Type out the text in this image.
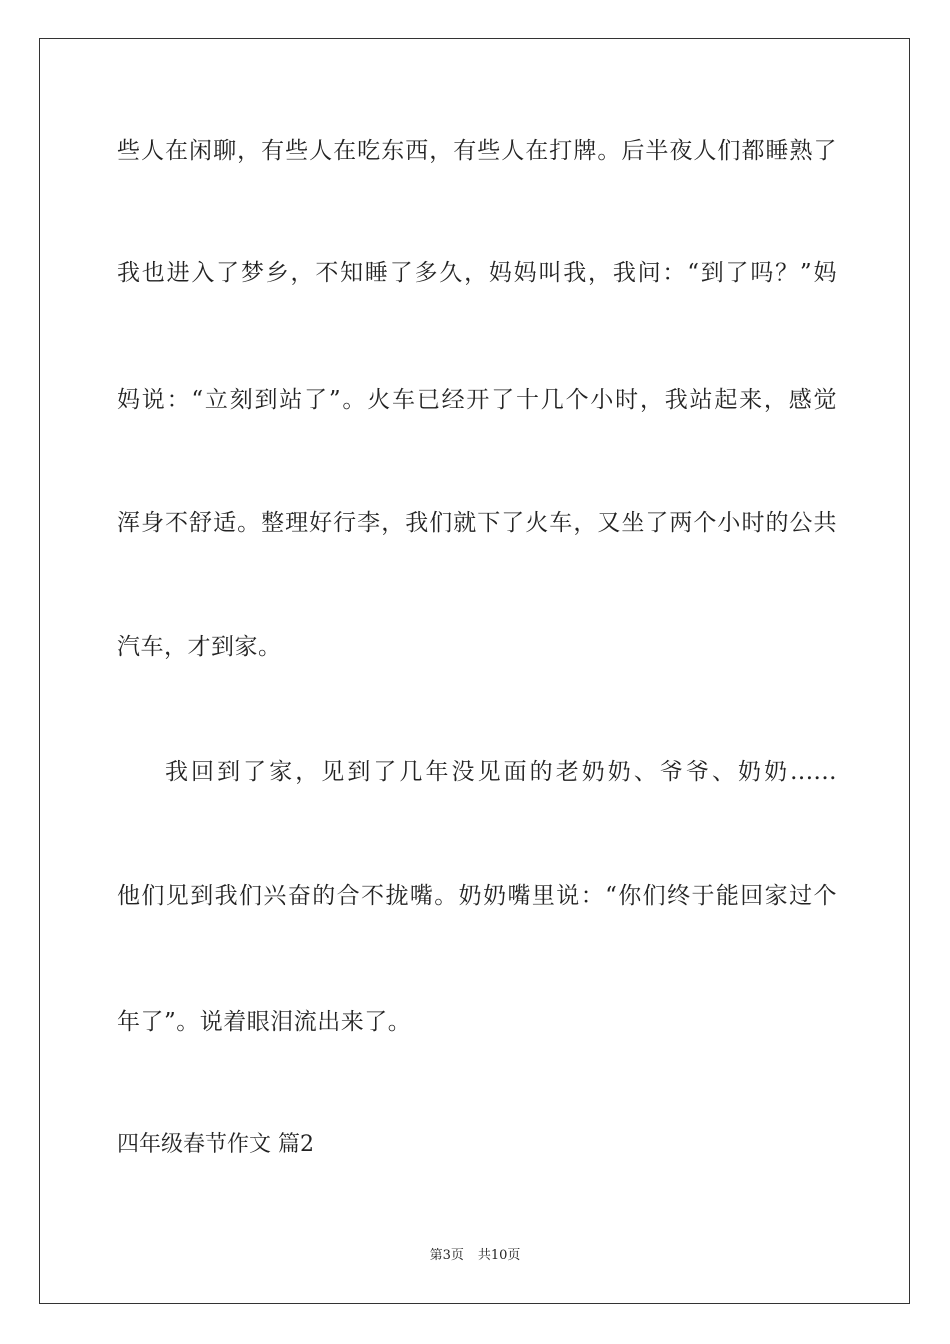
些人在闲聊，有些人在吃东西，有些人在打牌。后半夜人们都睡熟了
我也进入了梦乡，不知睡了多久，妈妈叫我，我问：“到了吗？”妈
妈说：“立刻到站了”。火车已经开了十几个小时，我站起来，感觉
浑身不舒适。整理好行李，我们就下了火车，又坐了两个小时的公共
汽车，才到家。
我回到了家，见到了几年没见面的老奶奶、爷爷、奶奶......
他们见到我们兴奋的合不拢嘴。奶奶嘴里说：“你们终于能回家过个
年了”。说着眼泪流出来了。
四年级春节作文 篇2
第3页 共10页
